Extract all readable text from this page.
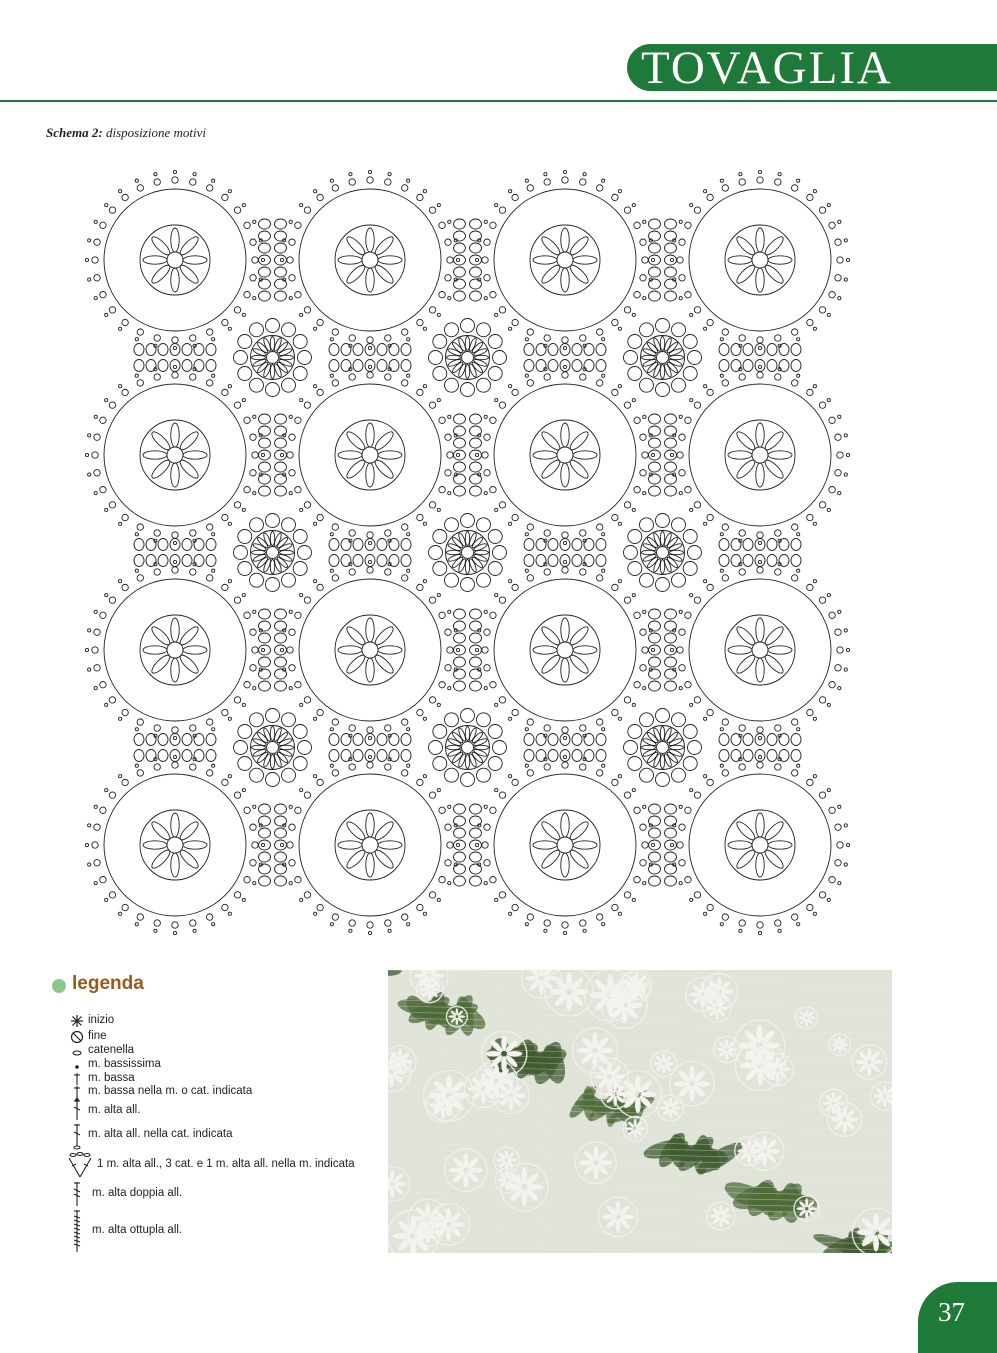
TOVAGLIA
Schema 2: disposizione motivi
legenda
inizio
fine
catenella
m. bassissima
m. bassa
m. bassa nella m. o cat. indicata
m. alta all.
m. alta all. nella cat. indicata
1 m. alta all., 3 cat. e 1 m. alta all. nella m. indicata
m. alta doppia all.
m. alta ottupla all.
37
